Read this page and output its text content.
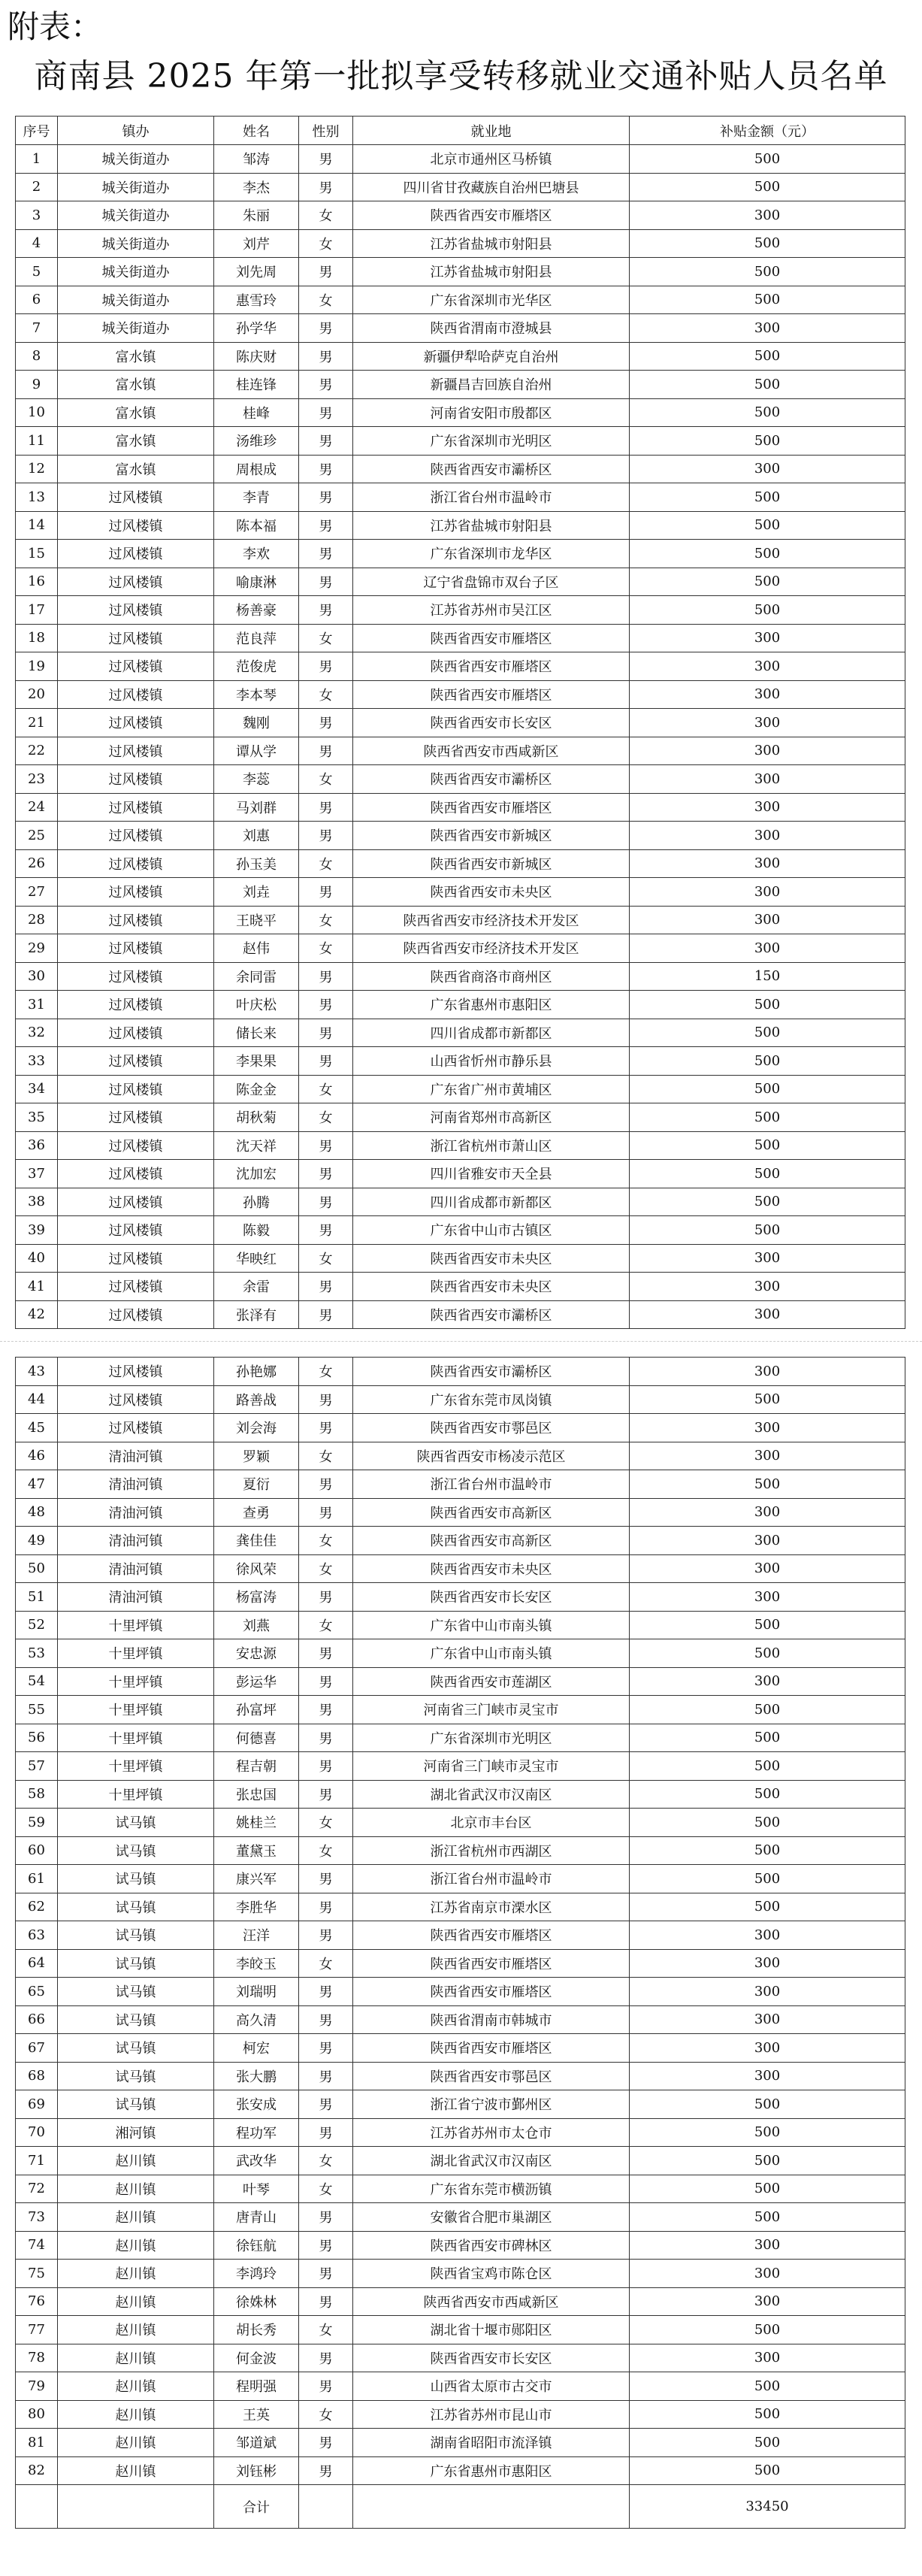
附表：
商南县 2025 年第一批拟享受转移就业交通补贴人员名单
序号	镇办	姓名	性别	就业地	补贴金额（元）
1	城关街道办	邹涛	男	北京市通州区马桥镇	500
2	城关街道办	李杰	男	四川省甘孜藏族自治州巴塘县	500
3	城关街道办	朱丽	女	陕西省西安市雁塔区	300
4	城关街道办	刘芹	女	江苏省盐城市射阳县	500
5	城关街道办	刘先周	男	江苏省盐城市射阳县	500
6	城关街道办	惠雪玲	女	广东省深圳市光华区	500
7	城关街道办	孙学华	男	陕西省渭南市澄城县	300
8	富水镇	陈庆财	男	新疆伊犁哈萨克自治州	500
9	富水镇	桂连锋	男	新疆昌吉回族自治州	500
10	富水镇	桂峰	男	河南省安阳市殷都区	500
11	富水镇	汤维珍	男	广东省深圳市光明区	500
12	富水镇	周根成	男	陕西省西安市灞桥区	300
13	过风楼镇	李青	男	浙江省台州市温岭市	500
14	过风楼镇	陈本福	男	江苏省盐城市射阳县	500
15	过风楼镇	李欢	男	广东省深圳市龙华区	500
16	过风楼镇	喻康淋	男	辽宁省盘锦市双台子区	500
17	过风楼镇	杨善豪	男	江苏省苏州市吴江区	500
18	过风楼镇	范良萍	女	陕西省西安市雁塔区	300
19	过风楼镇	范俊虎	男	陕西省西安市雁塔区	300
20	过风楼镇	李本琴	女	陕西省西安市雁塔区	300
21	过风楼镇	魏刚	男	陕西省西安市长安区	300
22	过风楼镇	谭从学	男	陕西省西安市西咸新区	300
23	过风楼镇	李蕊	女	陕西省西安市灞桥区	300
24	过风楼镇	马刘群	男	陕西省西安市雁塔区	300
25	过风楼镇	刘惠	男	陕西省西安市新城区	300
26	过风楼镇	孙玉美	女	陕西省西安市新城区	300
27	过风楼镇	刘垚	男	陕西省西安市未央区	300
28	过风楼镇	王晓平	女	陕西省西安市经济技术开发区	300
29	过风楼镇	赵伟	女	陕西省西安市经济技术开发区	300
30	过风楼镇	余同雷	男	陕西省商洛市商州区	150
31	过风楼镇	叶庆松	男	广东省惠州市惠阳区	500
32	过风楼镇	储长来	男	四川省成都市新都区	500
33	过风楼镇	李果果	男	山西省忻州市静乐县	500
34	过风楼镇	陈金金	女	广东省广州市黄埔区	500
35	过风楼镇	胡秋菊	女	河南省郑州市高新区	500
36	过风楼镇	沈天祥	男	浙江省杭州市萧山区	500
37	过风楼镇	沈加宏	男	四川省雅安市天全县	500
38	过风楼镇	孙腾	男	四川省成都市新都区	500
39	过风楼镇	陈毅	男	广东省中山市古镇区	500
40	过风楼镇	华映红	女	陕西省西安市未央区	300
41	过风楼镇	余雷	男	陕西省西安市未央区	300
42	过风楼镇	张泽有	男	陕西省西安市灞桥区	300
43	过风楼镇	孙艳娜	女	陕西省西安市灞桥区	300
44	过风楼镇	路善战	男	广东省东莞市凤岗镇	500
45	过风楼镇	刘会海	男	陕西省西安市鄠邑区	300
46	清油河镇	罗颖	女	陕西省西安市杨凌示范区	300
47	清油河镇	夏衍	男	浙江省台州市温岭市	500
48	清油河镇	查勇	男	陕西省西安市高新区	300
49	清油河镇	龚佳佳	女	陕西省西安市高新区	300
50	清油河镇	徐风荣	女	陕西省西安市未央区	300
51	清油河镇	杨富涛	男	陕西省西安市长安区	300
52	十里坪镇	刘燕	女	广东省中山市南头镇	500
53	十里坪镇	安忠源	男	广东省中山市南头镇	500
54	十里坪镇	彭运华	男	陕西省西安市莲湖区	300
55	十里坪镇	孙富坪	男	河南省三门峡市灵宝市	500
56	十里坪镇	何德喜	男	广东省深圳市光明区	500
57	十里坪镇	程吉朝	男	河南省三门峡市灵宝市	500
58	十里坪镇	张忠国	男	湖北省武汉市汉南区	500
59	试马镇	姚桂兰	女	北京市丰台区	500
60	试马镇	董黛玉	女	浙江省杭州市西湖区	500
61	试马镇	康兴军	男	浙江省台州市温岭市	500
62	试马镇	李胜华	男	江苏省南京市溧水区	500
63	试马镇	汪洋	男	陕西省西安市雁塔区	300
64	试马镇	李皎玉	女	陕西省西安市雁塔区	300
65	试马镇	刘瑞明	男	陕西省西安市雁塔区	300
66	试马镇	高久清	男	陕西省渭南市韩城市	300
67	试马镇	柯宏	男	陕西省西安市雁塔区	300
68	试马镇	张大鹏	男	陕西省西安市鄠邑区	300
69	试马镇	张安成	男	浙江省宁波市鄞州区	500
70	湘河镇	程功军	男	江苏省苏州市太仓市	500
71	赵川镇	武改华	女	湖北省武汉市汉南区	500
72	赵川镇	叶琴	女	广东省东莞市横沥镇	500
73	赵川镇	唐青山	男	安徽省合肥市巢湖区	500
74	赵川镇	徐钰航	男	陕西省西安市碑林区	300
75	赵川镇	李鸿玲	男	陕西省宝鸡市陈仓区	300
76	赵川镇	徐姝林	男	陕西省西安市西咸新区	300
77	赵川镇	胡长秀	女	湖北省十堰市郧阳区	500
78	赵川镇	何金波	男	陕西省西安市长安区	300
79	赵川镇	程明强	男	山西省太原市古交市	500
80	赵川镇	王英	女	江苏省苏州市昆山市	500
81	赵川镇	邹道斌	男	湖南省昭阳市流泽镇	500
82	赵川镇	刘钰彬	男	广东省惠州市惠阳区	500
		合计			33450
